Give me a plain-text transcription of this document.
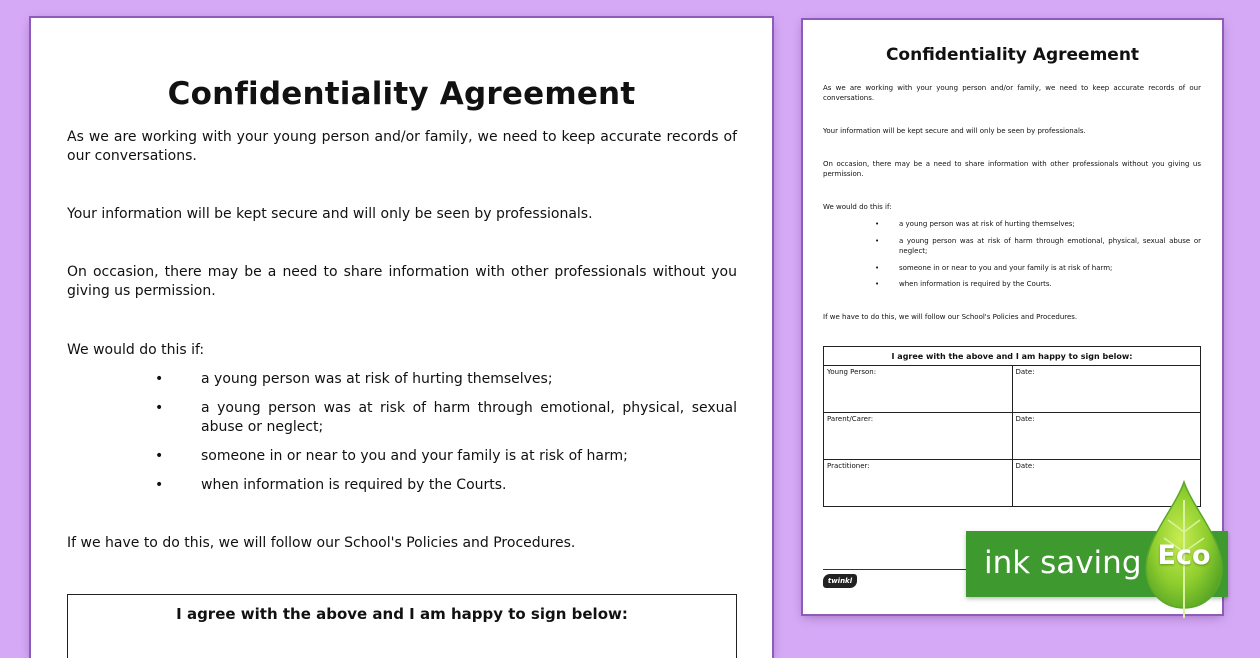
Confidentiality Agreement
As we are working with your young person and/or family, we need to keep accurate records of our conversations.
Your information will be kept secure and will only be seen by professionals.
On occasion, there may be a need to share information with other professionals without you giving us permission.
We would do this if:
•	a young person was at risk of hurting themselves;
•	a young person was at risk of harm through emotional, physical, sexual abuse or neglect;
•	someone in or near to you and your family is at risk of harm;
•	when information is required by the Courts.
If we have to do this, we will follow our School's Policies and Procedures.
I agree with the above and I am happy to sign below:
Confidentiality Agreement
As we are working with your young person and/or family, we need to keep accurate records of our conversations.
Your information will be kept secure and will only be seen by professionals.
On occasion, there may be a need to share information with other professionals without you giving us permission.
We would do this if:
•	a young person was at risk of hurting themselves;
•	a young person was at risk of harm through emotional, physical, sexual abuse or neglect;
•	someone in or near to you and your family is at risk of harm;
•	when information is required by the Courts.
If we have to do this, we will follow our School's Policies and Procedures.
I agree with the above and I am happy to sign below:	
Young Person:	Date:
Parent/Carer:	Date:
Practitioner:	Date:
twinkl	ink saving Eco
